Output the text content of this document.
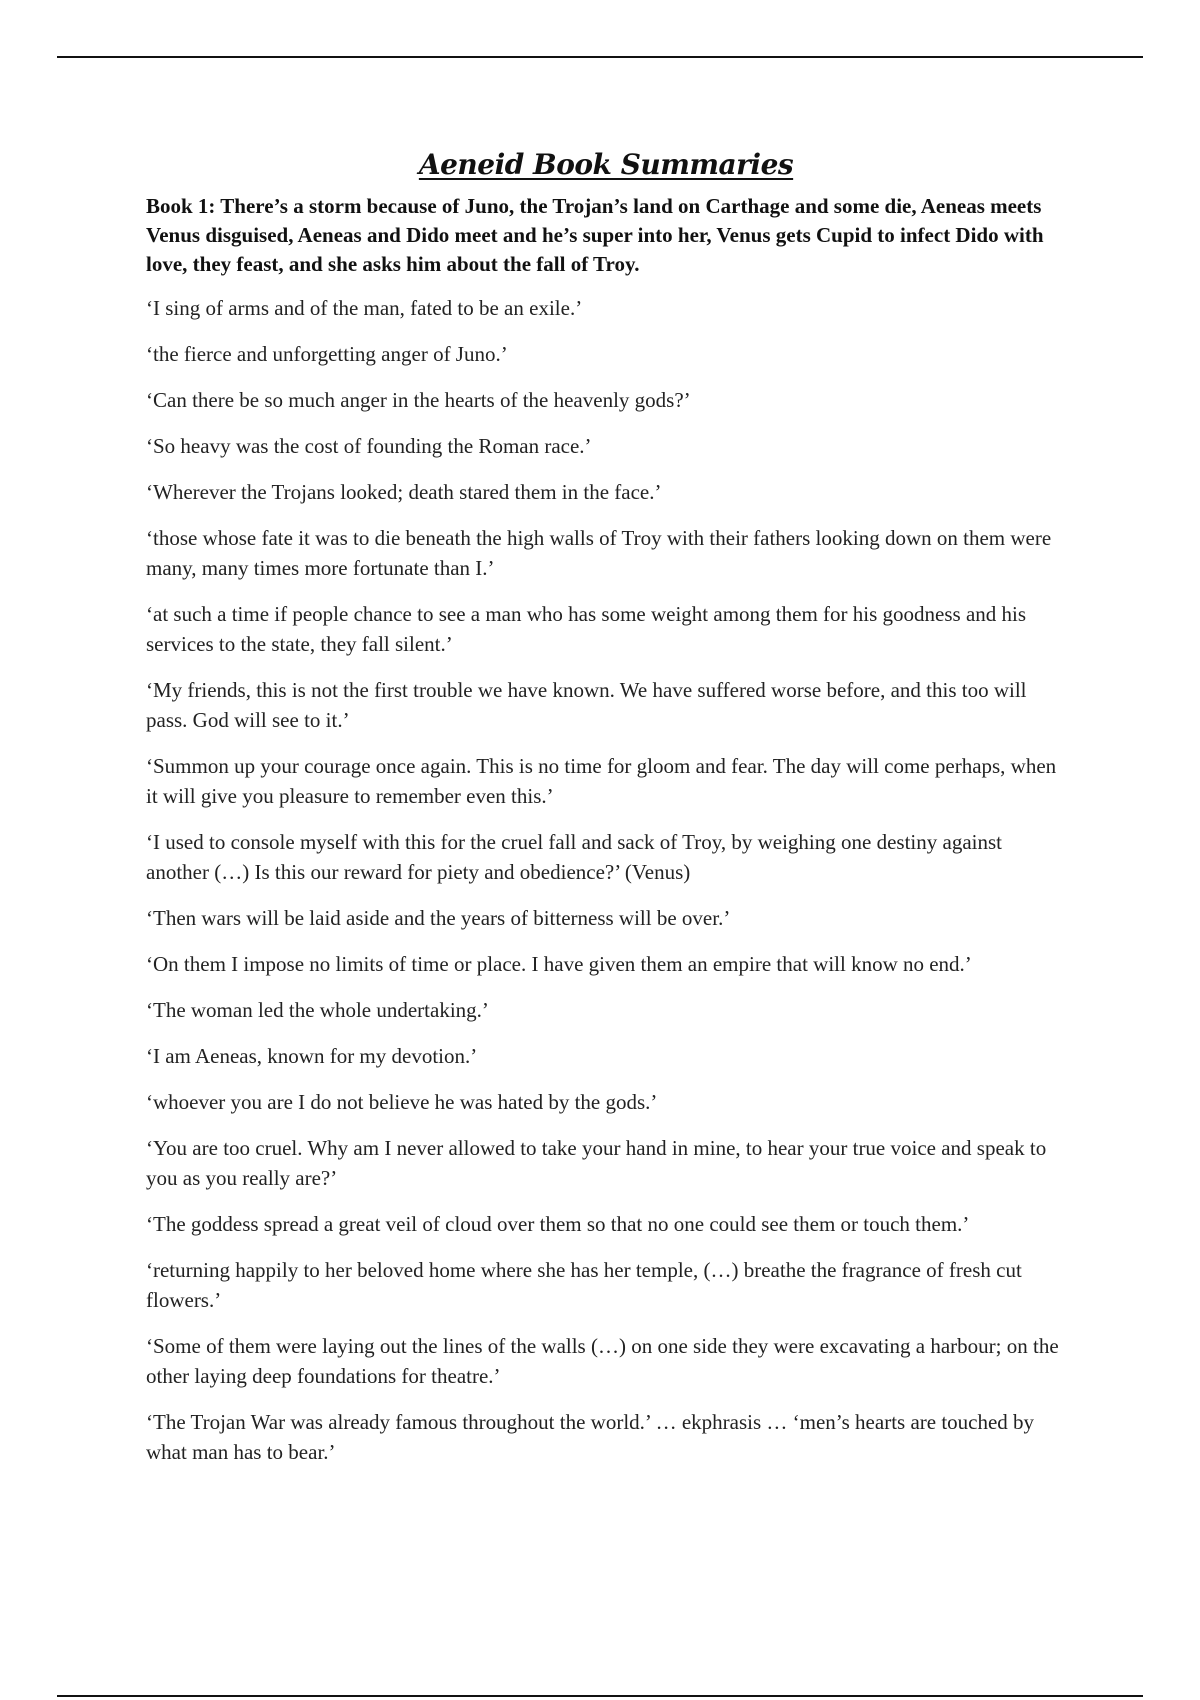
Aeneid Book Summaries

Book 1: There’s a storm because of Juno, the Trojan’s land on Carthage and some die, Aeneas meets Venus disguised, Aeneas and Dido meet and he’s super into her, Venus gets Cupid to infect Dido with love, they feast, and she asks him about the fall of Troy.

‘I sing of arms and of the man, fated to be an exile.’

‘the fierce and unforgetting anger of Juno.’

‘Can there be so much anger in the hearts of the heavenly gods?’

‘So heavy was the cost of founding the Roman race.’

‘Wherever the Trojans looked; death stared them in the face.’

‘those whose fate it was to die beneath the high walls of Troy with their fathers looking down on them were many, many times more fortunate than I.’

‘at such a time if people chance to see a man who has some weight among them for his goodness and his services to the state, they fall silent.’

‘My friends, this is not the first trouble we have known. We have suffered worse before, and this too will pass. God will see to it.’

‘Summon up your courage once again. This is no time for gloom and fear. The day will come perhaps, when it will give you pleasure to remember even this.’

‘I used to console myself with this for the cruel fall and sack of Troy, by weighing one destiny against another (…) Is this our reward for piety and obedience?’ (Venus)

‘Then wars will be laid aside and the years of bitterness will be over.’

‘On them I impose no limits of time or place. I have given them an empire that will know no end.’

‘The woman led the whole undertaking.’

‘I am Aeneas, known for my devotion.’

‘whoever you are I do not believe he was hated by the gods.’

‘You are too cruel. Why am I never allowed to take your hand in mine, to hear your true voice and speak to you as you really are?’

‘The goddess spread a great veil of cloud over them so that no one could see them or touch them.’

‘returning happily to her beloved home where she has her temple, (…) breathe the fragrance of fresh cut flowers.’

‘Some of them were laying out the lines of the walls (…) on one side they were excavating a harbour; on the other laying deep foundations for theatre.’

‘The Trojan War was already famous throughout the world.’ … ekphrasis … ‘men’s hearts are touched by what man has to bear.’
